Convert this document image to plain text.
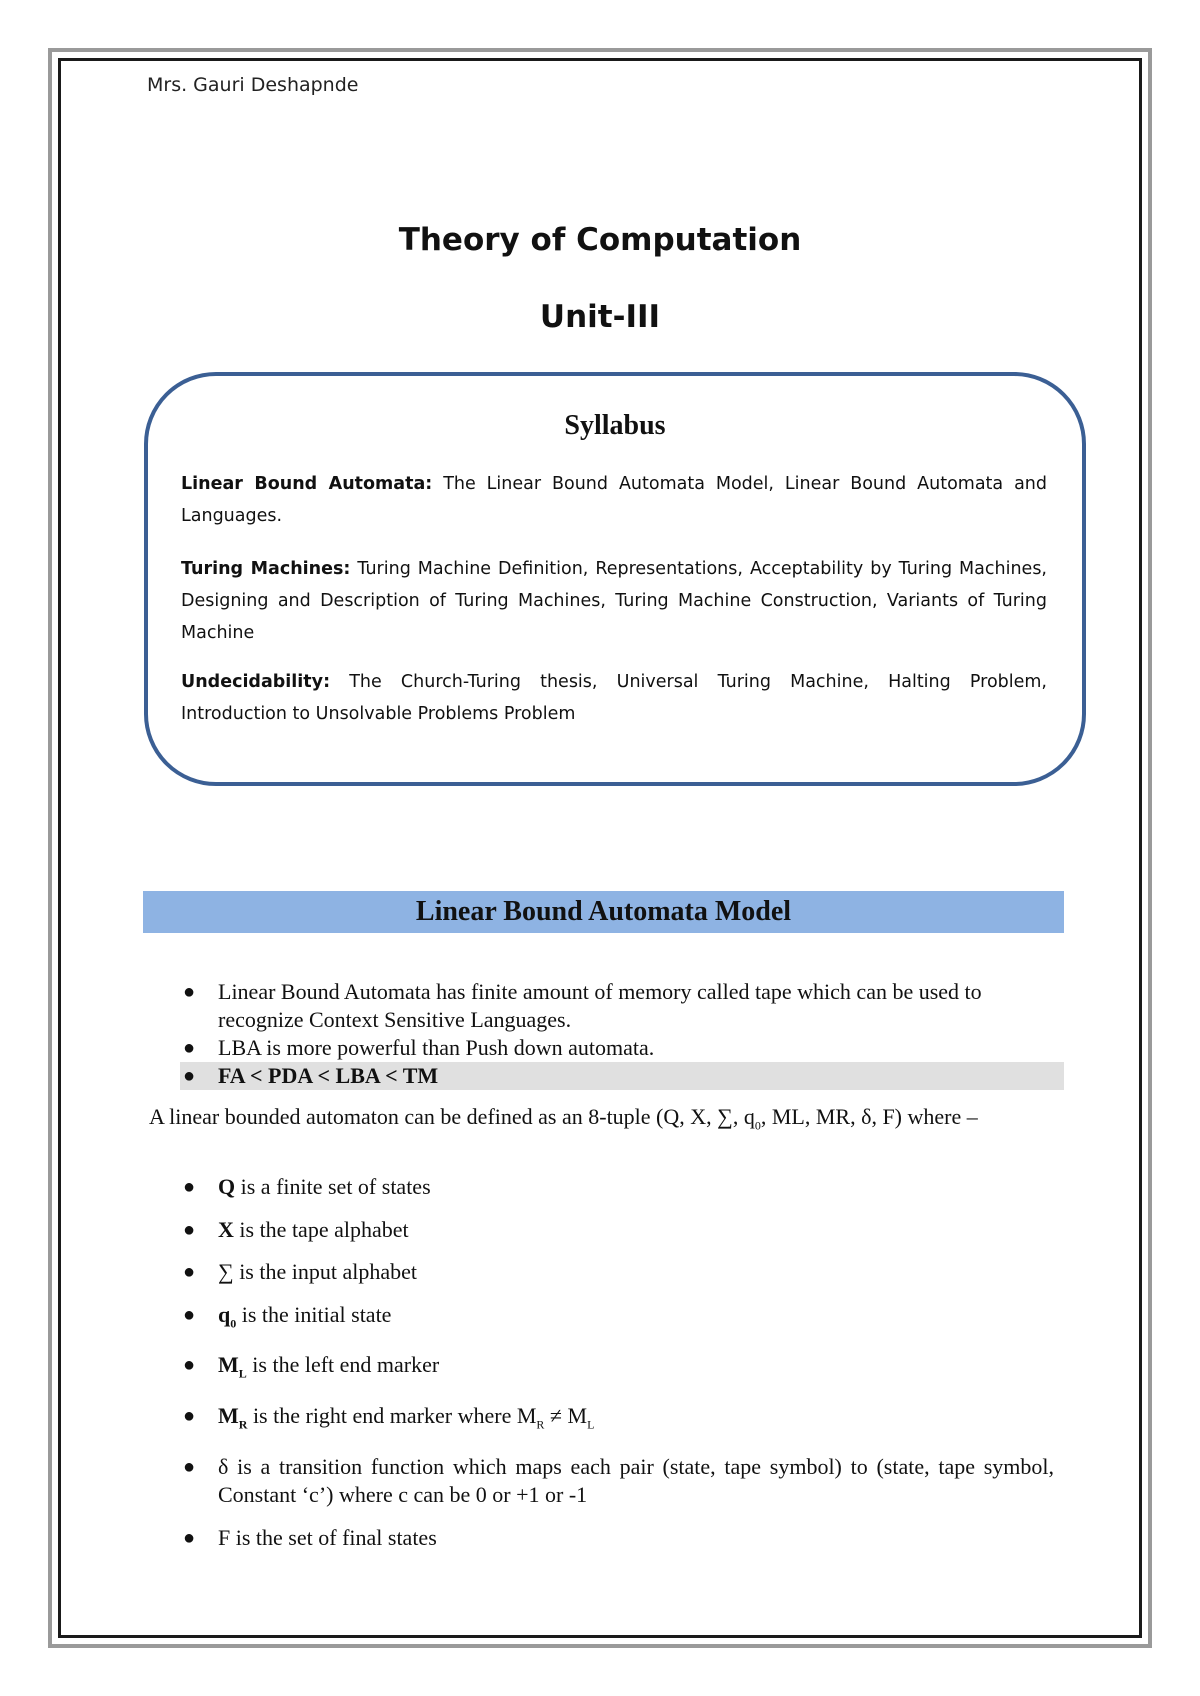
Mrs. Gauri Deshapnde
Theory of Computation
Unit-III
Syllabus
Linear Bound Automata: The Linear Bound Automata Model, Linear Bound Automata and Languages.
Turing Machines: Turing Machine Definition, Representations, Acceptability by Turing Machines, Designing and Description of Turing Machines, Turing Machine Construction, Variants of Turing Machine
Undecidability: The Church-Turing thesis, Universal Turing Machine, Halting Problem, Introduction to Unsolvable Problems Problem
Linear Bound Automata Model
● Linear Bound Automata has finite amount of memory called tape which can be used to recognize Context Sensitive Languages.
● LBA is more powerful than Push down automata.
● FA < PDA < LBA < TM
A linear bounded automaton can be defined as an 8-tuple (Q, X, ∑, $q_0$, ML, MR, δ, F) where –
● Q is a finite set of states
● X is the tape alphabet
● ∑ is the input alphabet
● $q_0$ is the initial state
● $M_L$ is the left end marker
● $M_R$ is the right end marker where $M_R \ne M_L$
● δ is a transition function which maps each pair (state, tape symbol) to (state, tape symbol, Constant ‘c’) where c can be 0 or +1 or -1
● F is the set of final states
